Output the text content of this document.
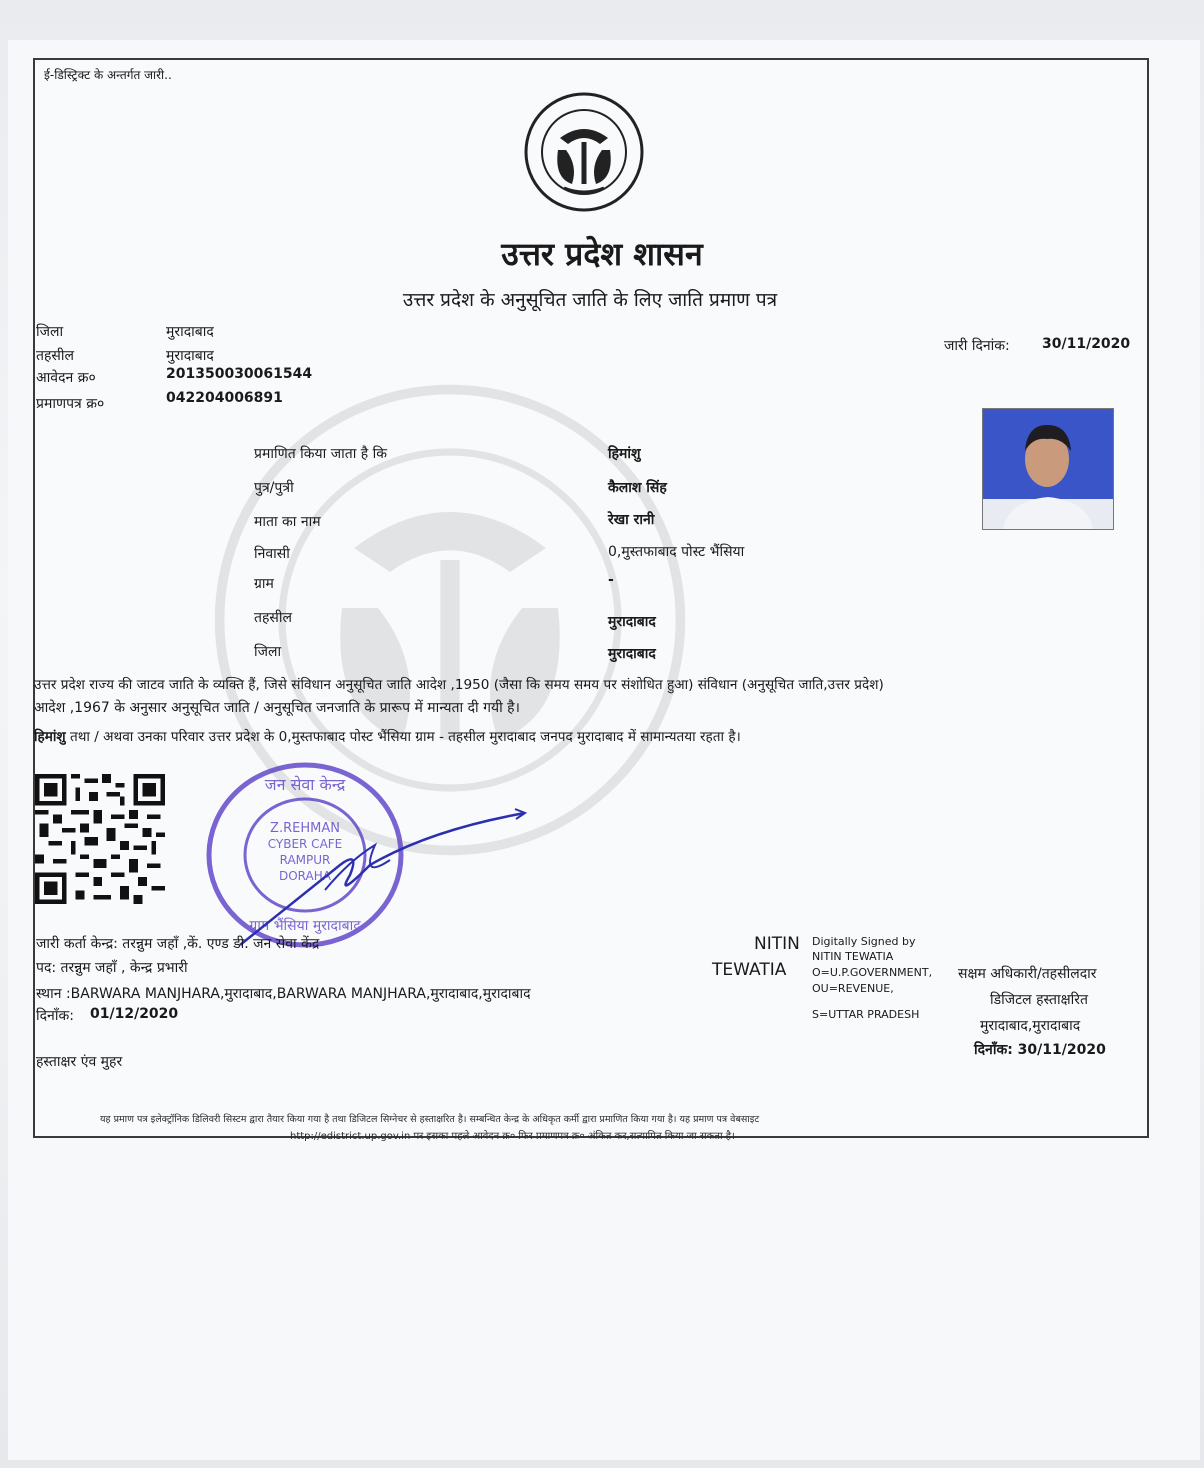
ई-डिस्ट्रिक्ट के अन्तर्गत जारी..
उत्तर प्रदेश शासन
उत्तर प्रदेश के अनुसूचित जाति के लिए जाति प्रमाण पत्र
जिला	मुरादाबाद
तहसील	मुरादाबाद
आवेदन क्र०	201350030061544
प्रमाणपत्र क्र०	042204006891
जारी दिनांक: 30/11/2020
प्रमाणित किया जाता है कि	हिमांशु
पुत्र/पुत्री	कैलाश सिंह
माता का नाम	रेखा रानी
निवासी	0,मुस्तफाबाद पोस्ट भैंसिया
ग्राम	-
तहसील	मुरादाबाद
जिला	मुरादाबाद
उत्तर प्रदेश राज्य की जाटव जाति के व्यक्ति हैं, जिसे संविधान अनुसूचित जाति आदेश ,1950 (जैसा कि समय समय पर संशोधित हुआ) संविधान (अनुसूचित जाति,उत्तर प्रदेश)
आदेश ,1967 के अनुसार अनुसूचित जाति / अनुसूचित जनजाति के प्रारूप में मान्यता दी गयी है।
हिमांशु तथा / अथवा उनका परिवार उत्तर प्रदेश के 0,मुस्तफाबाद पोस्ट भैंसिया ग्राम - तहसील मुरादाबाद जनपद मुरादाबाद में सामान्यतया रहता है।
जन सेवा केन्द्र
Z.REHMAN
CYBER CAFE
RAMPUR
DORAHA
ग्राम भैंसिया मुरादाबाद
जारी कर्ता केन्द्र: तरन्नुम जहाँ ,कें. एण्ड डी. जन सेवा केंद्र
पद: तरन्नुम जहाँ , केन्द्र प्रभारी
स्थान :BARWARA MANJHARA,मुरादाबाद,BARWARA MANJHARA,मुरादाबाद,मुरादाबाद
दिनाँक: 01/12/2020
हस्ताक्षर एंव मुहर
NITIN
TEWATIA
Digitally Signed by
NITIN TEWATIA
O=U.P.GOVERNMENT,
OU=REVENUE,
S=UTTAR PRADESH
सक्षम अधिकारी/तहसीलदार
डिजिटल हस्ताक्षरित
मुरादाबाद,मुरादाबाद
दिनाँक: 30/11/2020
यह प्रमाण पत्र इलेक्ट्रॉनिक डिलिवरी सिस्टम द्वारा तैयार किया गया है तथा डिजिटल सिग्नेचर से हस्ताक्षरित है। सम्बन्धित केन्द्र के अधिकृत कर्मी द्वारा प्रमाणित किया गया है। यह प्रमाण पत्र वेबसाइट
http://edistrict.up.gov.in पर इसका पहले आवेदन क्र० फिर प्रमाणपत्र क्र० अंकित कर,सत्यापित किया जा सकता है।
